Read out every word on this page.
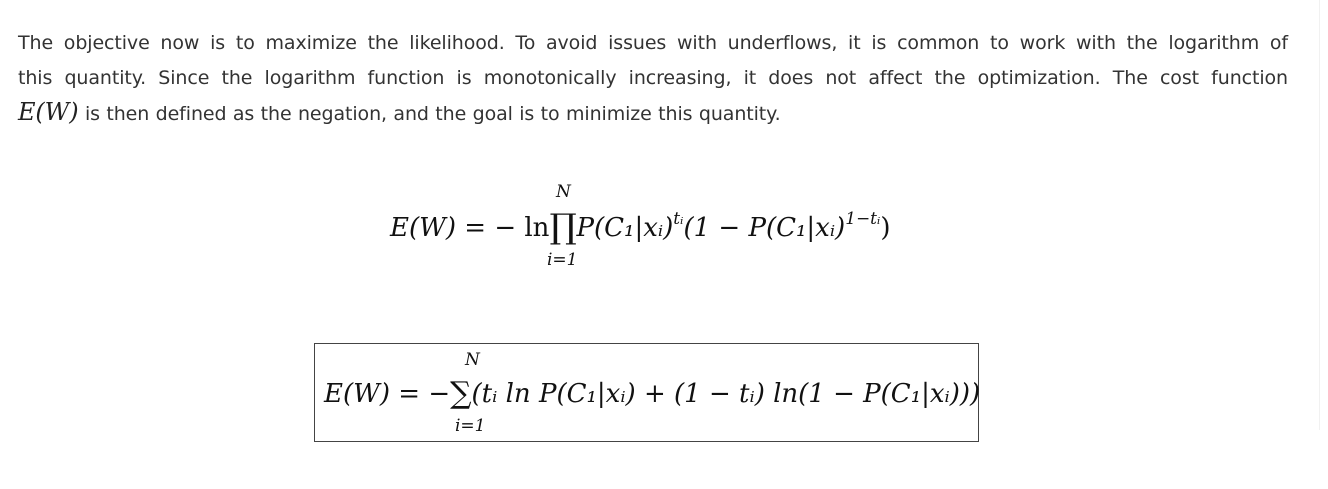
The objective now is to maximize the likelihood. To avoid issues with underflows, it is common to work with the logarithm of
this quantity. Since the logarithm function is monotonically increasing, it does not affect the optimization. The cost function
E(W) is then defined as the negation, and the goal is to minimize this quantity.

N
E(W) = − ln∏P(C₁|xᵢ)$^{tᵢ}$(1 − P(C₁|xᵢ)$^{1-tᵢ}$)
i=1
N
E(W) = −∑(tᵢ ln P(C₁|xᵢ) + (1 − tᵢ) ln(1 − P(C₁|xᵢ)))
i=1
